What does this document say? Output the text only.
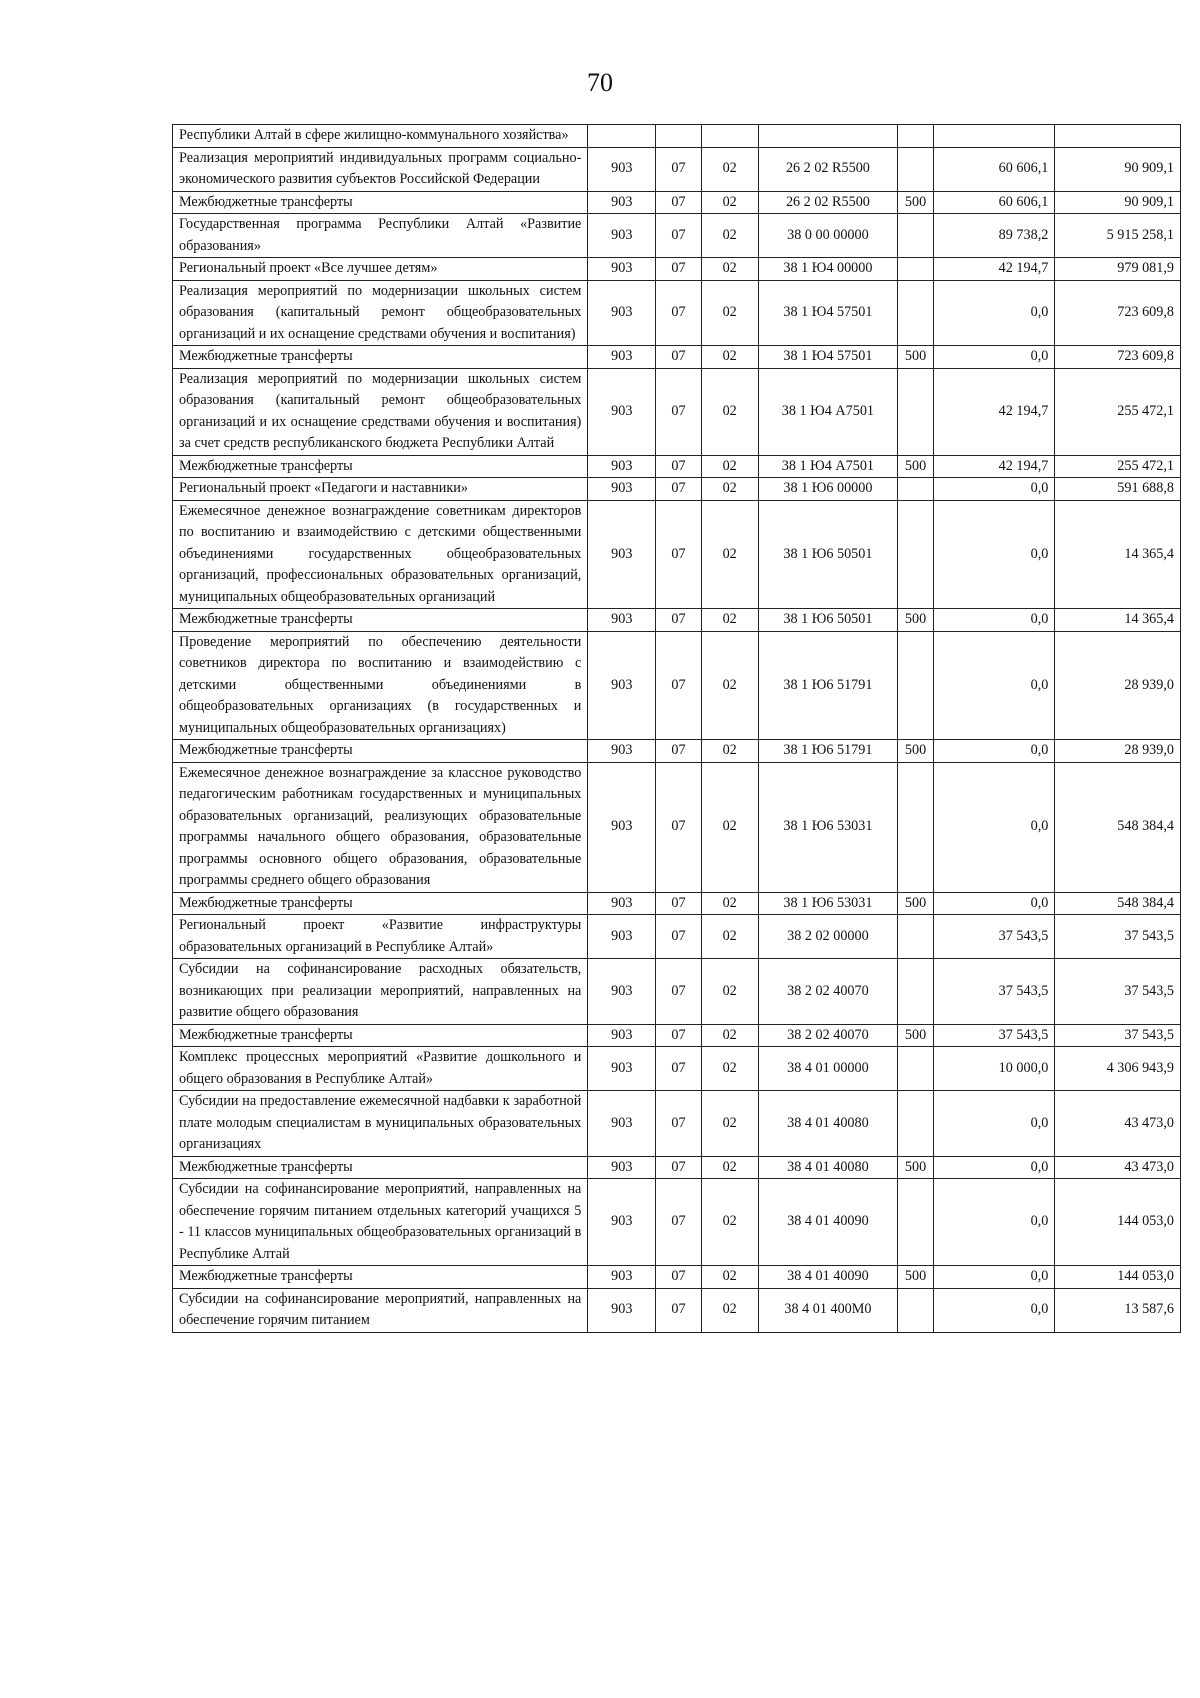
70
Республики Алтай в сфере жилищно-коммунального хозяйства»							
Реализация мероприятий индивидуальных программ социально-экономического развития субъектов Российской Федерации	903	07	02	26 2 02 R5500		60 606,1	90 909,1
Межбюджетные трансферты	903	07	02	26 2 02 R5500	500	60 606,1	90 909,1
Государственная программа Республики Алтай «Развитие образования»	903	07	02	38 0 00 00000		89 738,2	5 915 258,1
Региональный проект «Все лучшее детям»	903	07	02	38 1 Ю4 00000		42 194,7	979 081,9
Реализация мероприятий по модернизации школьных систем образования (капитальный ремонт общеобразовательных организаций и их оснащение средствами обучения и воспитания)	903	07	02	38 1 Ю4 57501		0,0	723 609,8
Межбюджетные трансферты	903	07	02	38 1 Ю4 57501	500	0,0	723 609,8
Реализация мероприятий по модернизации школьных систем образования (капитальный ремонт общеобразовательных организаций и их оснащение средствами обучения и воспитания) за счет средств республиканского бюджета Республики Алтай	903	07	02	38 1 Ю4 A7501		42 194,7	255 472,1
Межбюджетные трансферты	903	07	02	38 1 Ю4 A7501	500	42 194,7	255 472,1
Региональный проект «Педагоги и наставники»	903	07	02	38 1 Ю6 00000		0,0	591 688,8
Ежемесячное денежное вознаграждение советникам директоров по воспитанию и взаимодействию с детскими общественными объединениями государственных общеобразовательных организаций, профессиональных образовательных организаций, муниципальных общеобразовательных организаций	903	07	02	38 1 Ю6 50501		0,0	14 365,4
Межбюджетные трансферты	903	07	02	38 1 Ю6 50501	500	0,0	14 365,4
Проведение мероприятий по обеспечению деятельности советников директора по воспитанию и взаимодействию с детскими общественными объединениями в общеобразовательных организациях (в государственных и муниципальных общеобразовательных организациях)	903	07	02	38 1 Ю6 51791		0,0	28 939,0
Межбюджетные трансферты	903	07	02	38 1 Ю6 51791	500	0,0	28 939,0
Ежемесячное денежное вознаграждение за классное руководство педагогическим работникам государственных и муниципальных образовательных организаций, реализующих образовательные программы начального общего образования, образовательные программы основного общего образования, образовательные программы среднего общего образования	903	07	02	38 1 Ю6 53031		0,0	548 384,4
Межбюджетные трансферты	903	07	02	38 1 Ю6 53031	500	0,0	548 384,4
Региональный проект «Развитие инфраструктуры образовательных организаций в Республике Алтай»	903	07	02	38 2 02 00000		37 543,5	37 543,5
Субсидии на софинансирование расходных обязательств, возникающих при реализации мероприятий, направленных на развитие общего образования	903	07	02	38 2 02 40070		37 543,5	37 543,5
Межбюджетные трансферты	903	07	02	38 2 02 40070	500	37 543,5	37 543,5
Комплекс процессных мероприятий «Развитие дошкольного и общего образования в Республике Алтай»	903	07	02	38 4 01 00000		10 000,0	4 306 943,9
Субсидии на предоставление ежемесячной надбавки к заработной плате молодым специалистам в муниципальных образовательных организациях	903	07	02	38 4 01 40080		0,0	43 473,0
Межбюджетные трансферты	903	07	02	38 4 01 40080	500	0,0	43 473,0
Субсидии на софинансирование мероприятий, направленных на обеспечение горячим питанием отдельных категорий учащихся 5 - 11 классов муниципальных общеобразовательных организаций в Республике Алтай	903	07	02	38 4 01 40090		0,0	144 053,0
Межбюджетные трансферты	903	07	02	38 4 01 40090	500	0,0	144 053,0
Субсидии на софинансирование мероприятий, направленных на обеспечение горячим питанием	903	07	02	38 4 01 400M0		0,0	13 587,6
